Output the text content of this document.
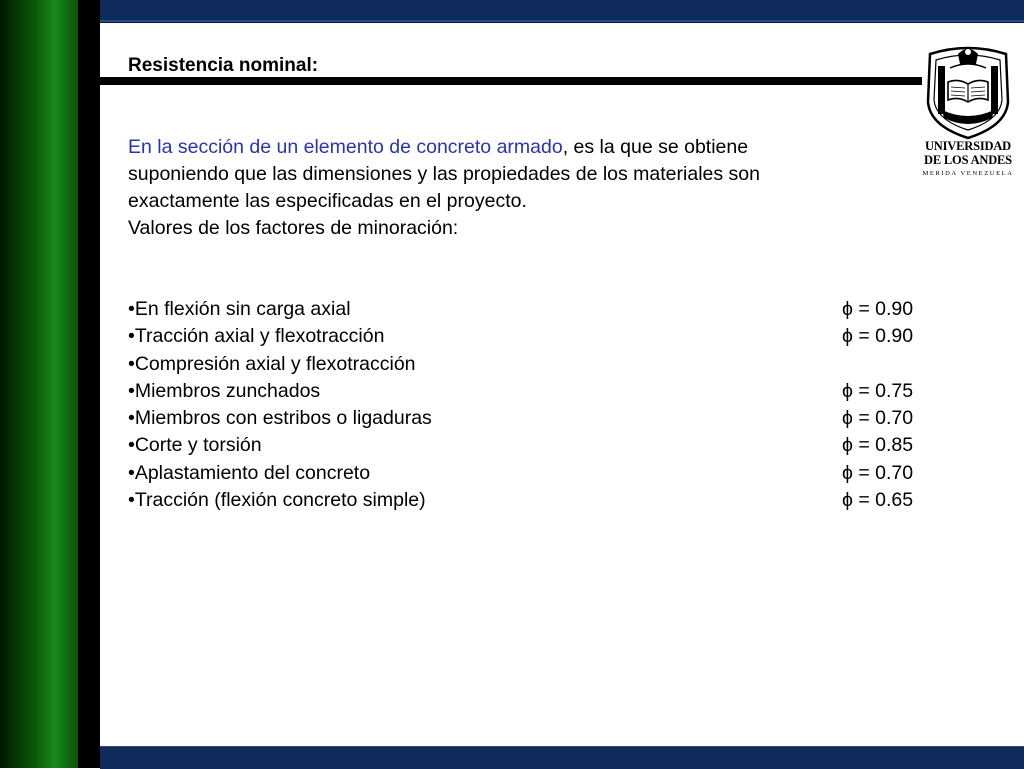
Resistencia nominal:
En la sección de un elemento de concreto armado, es la que se obtiene
suponiendo que las dimensiones y las propiedades de los materiales son
exactamente las especificadas en el proyecto.
Valores de los factores de minoración:
•En flexión sin carga axial	ϕ = 0.90
•Tracción axial y flexotracción	ϕ = 0.90
•Compresión axial y flexotracción
•Miembros zunchados	ϕ = 0.75
•Miembros con estribos o ligaduras	ϕ = 0.70
•Corte y torsión	ϕ = 0.85
•Aplastamiento del concreto	ϕ = 0.70
•Tracción (flexión concreto simple)	ϕ = 0.65
UNIVERSIDAD
DE LOS ANDES
MERIDA VENEZUELA
